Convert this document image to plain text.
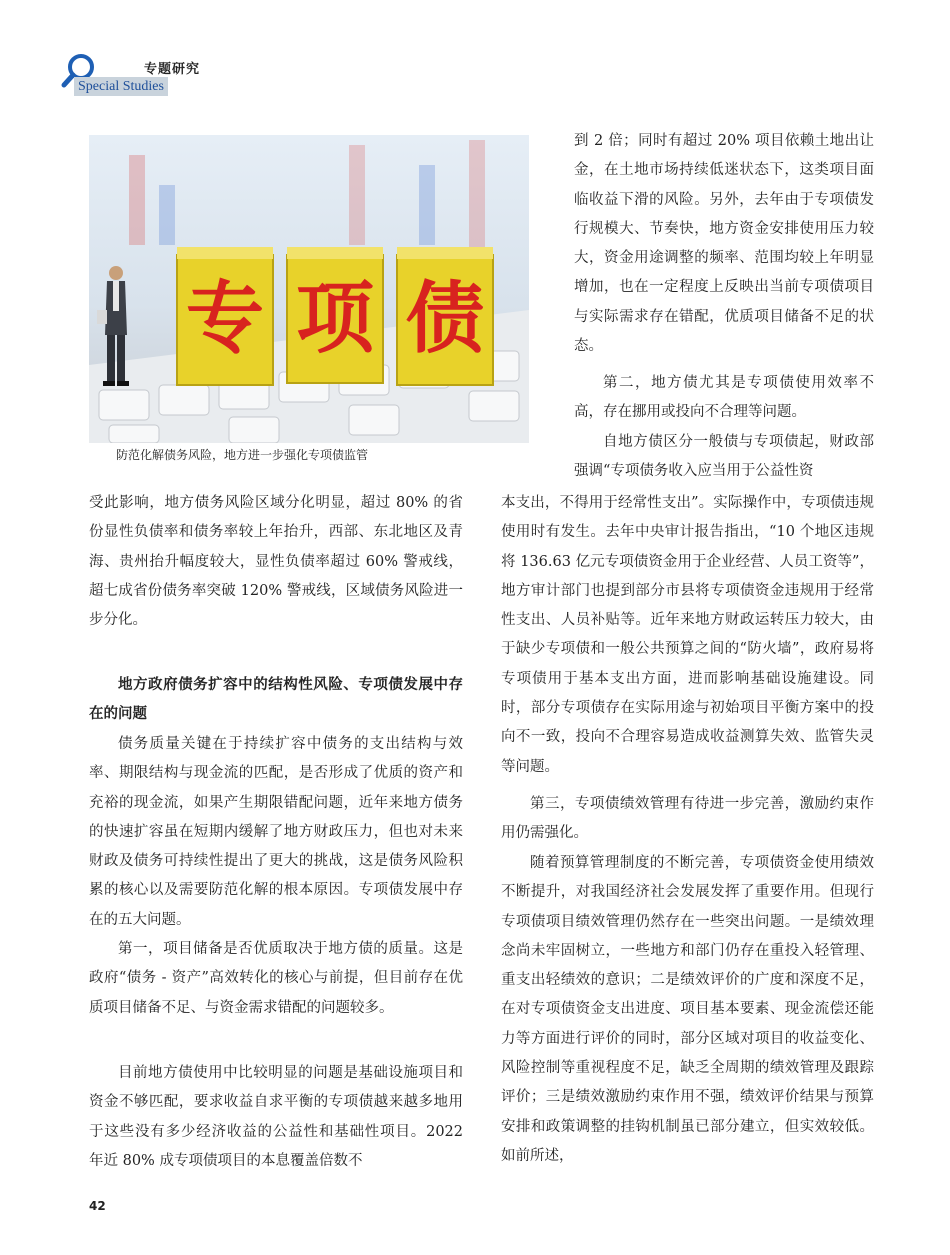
专题研究
Special Studies
专 项 债
防范化解债务风险，地方进一步强化专项债监管

受此影响，地方债务风险区域分化明显，超过 80% 的省份显性负债率和债务率较上年抬升，西部、东北地区及青海、贵州抬升幅度较大，显性负债率超过 60% 警戒线，超七成省份债务率突破 120% 警戒线，区域债务风险进一步分化。

地方政府债务扩容中的结构性风险、专项债发展中存在的问题

债务质量关键在于持续扩容中债务的支出结构与效率、期限结构与现金流的匹配，是否形成了优质的资产和充裕的现金流，如果产生期限错配问题，近年来地方债务的快速扩容虽在短期内缓解了地方财政压力，但也对未来财政及债务可持续性提出了更大的挑战，这是债务风险积累的核心以及需要防范化解的根本原因。专项债发展中存在的五大问题。

第一，项目储备是否优质取决于地方债的质量。这是政府“债务 - 资产”高效转化的核心与前提，但目前存在优质项目储备不足、与资金需求错配的问题较多。

目前地方债使用中比较明显的问题是基础设施项目和资金不够匹配，要求收益自求平衡的专项债越来越多地用于这些没有多少经济收益的公益性和基础性项目。2022 年近 80% 成专项债项目的本息覆盖倍数不

到 2 倍；同时有超过 20% 项目依赖土地出让金，在土地市场持续低迷状态下，这类项目面临收益下滑的风险。另外，去年由于专项债发行规模大、节奏快，地方资金安排使用压力较大，资金用途调整的频率、范围均较上年明显增加，也在一定程度上反映出当前专项债项目与实际需求存在错配，优质项目储备不足的状态。

第二，地方债尤其是专项债使用效率不高，存在挪用或投向不合理等问题。

自地方债区分一般债与专项债起，财政部强调“专项债务收入应当用于公益性资

本支出，不得用于经常性支出”。实际操作中，专项债违规使用时有发生。去年中央审计报告指出，“10 个地区违规将 136.63 亿元专项债资金用于企业经营、人员工资等”，地方审计部门也提到部分市县将专项债资金违规用于经常性支出、人员补贴等。近年来地方财政运转压力较大，由于缺少专项债和一般公共预算之间的“防火墙”，政府易将专项债用于基本支出方面，进而影响基础设施建设。同时，部分专项债存在实际用途与初始项目平衡方案中的投向不一致，投向不合理容易造成收益测算失效、监管失灵等问题。

第三，专项债绩效管理有待进一步完善，激励约束作用仍需强化。

随着预算管理制度的不断完善，专项债资金使用绩效不断提升，对我国经济社会发展发挥了重要作用。但现行专项债项目绩效管理仍然存在一些突出问题。一是绩效理念尚未牢固树立，一些地方和部门仍存在重投入轻管理、重支出轻绩效的意识；二是绩效评价的广度和深度不足，在对专项债资金支出进度、项目基本要素、现金流偿还能力等方面进行评价的同时，部分区域对项目的收益变化、风险控制等重视程度不足，缺乏全周期的绩效管理及跟踪评价；三是绩效激励约束作用不强，绩效评价结果与预算安排和政策调整的挂钩机制虽已部分建立，但实效较低。如前所述，

42
